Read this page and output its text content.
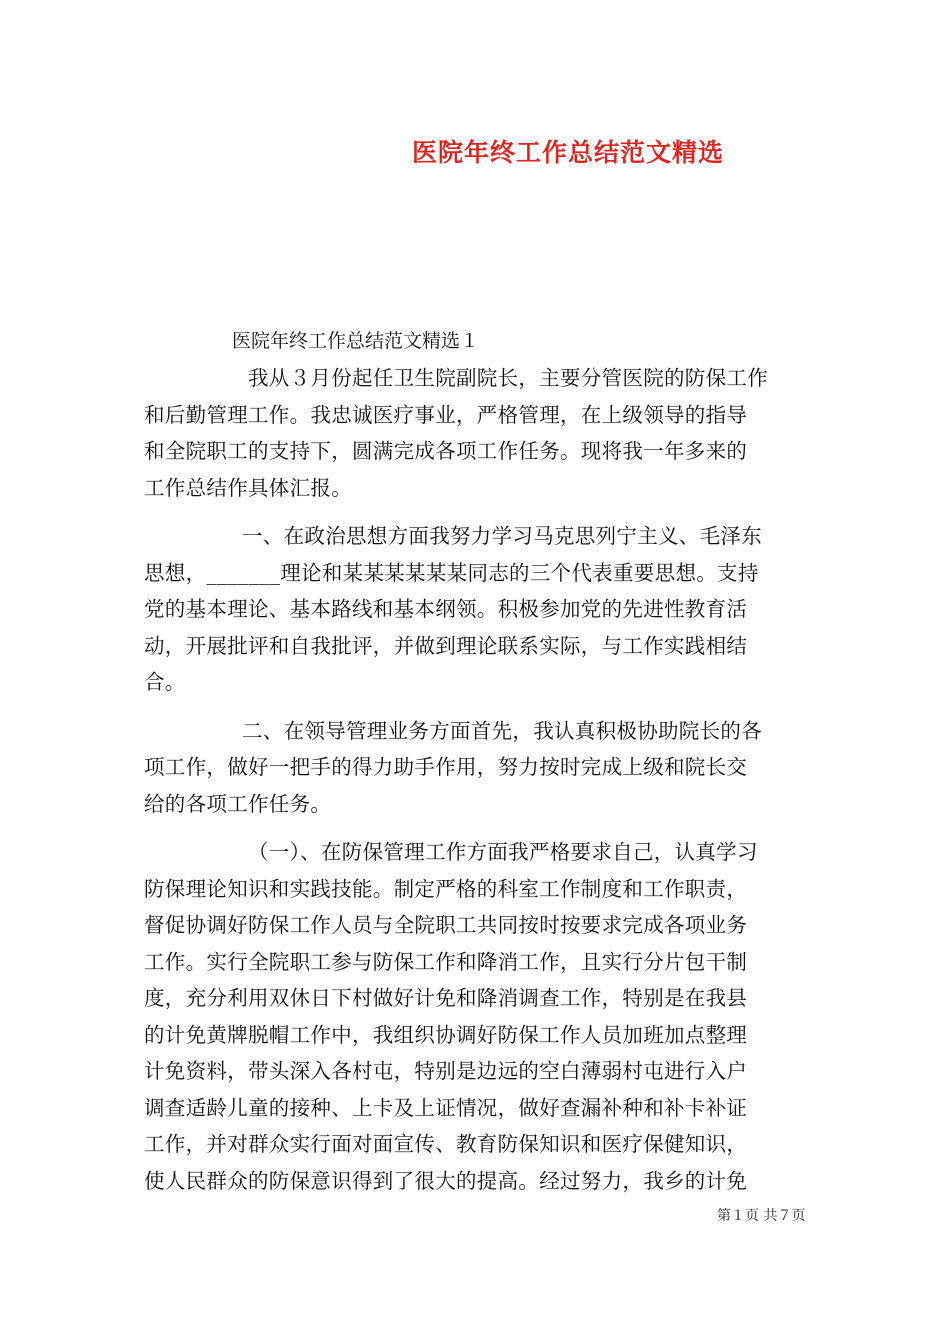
医院年终工作总结范文精选
医院年终工作总结范文精选１
我从３月份起任卫生院副院长，主要分管医院的防保工作
和后勤管理工作。我忠诚医疗事业，严格管理，在上级领导的指导
和全院职工的支持下，圆满完成各项工作任务。现将我一年多来的
工作总结作具体汇报。
一、在政治思想方面我努力学习马克思列宁主义、毛泽东
思想，_______理论和某某某某某某同志的三个代表重要思想。支持
党的基本理论、基本路线和基本纲领。积极参加党的先进性教育活
动，开展批评和自我批评，并做到理论联系实际，与工作实践相结
合。
二、在领导管理业务方面首先，我认真积极协助院长的各
项工作，做好一把手的得力助手作用，努力按时完成上级和院长交
给的各项工作任务。
（一）、在防保管理工作方面我严格要求自己，认真学习
防保理论知识和实践技能。制定严格的科室工作制度和工作职责，
督促协调好防保工作人员与全院职工共同按时按要求完成各项业务
工作。实行全院职工参与防保工作和降消工作，且实行分片包干制
度，充分利用双休日下村做好计免和降消调查工作，特别是在我县
的计免黄牌脱帽工作中，我组织协调好防保工作人员加班加点整理
计免资料，带头深入各村屯，特别是边远的空白薄弱村屯进行入户
调查适龄儿童的接种、上卡及上证情况，做好查漏补种和补卡补证
工作，并对群众实行面对面宣传、教育防保知识和医疗保健知识，
使人民群众的防保意识得到了很大的提高。经过努力，我乡的计免
第１页 共７页
